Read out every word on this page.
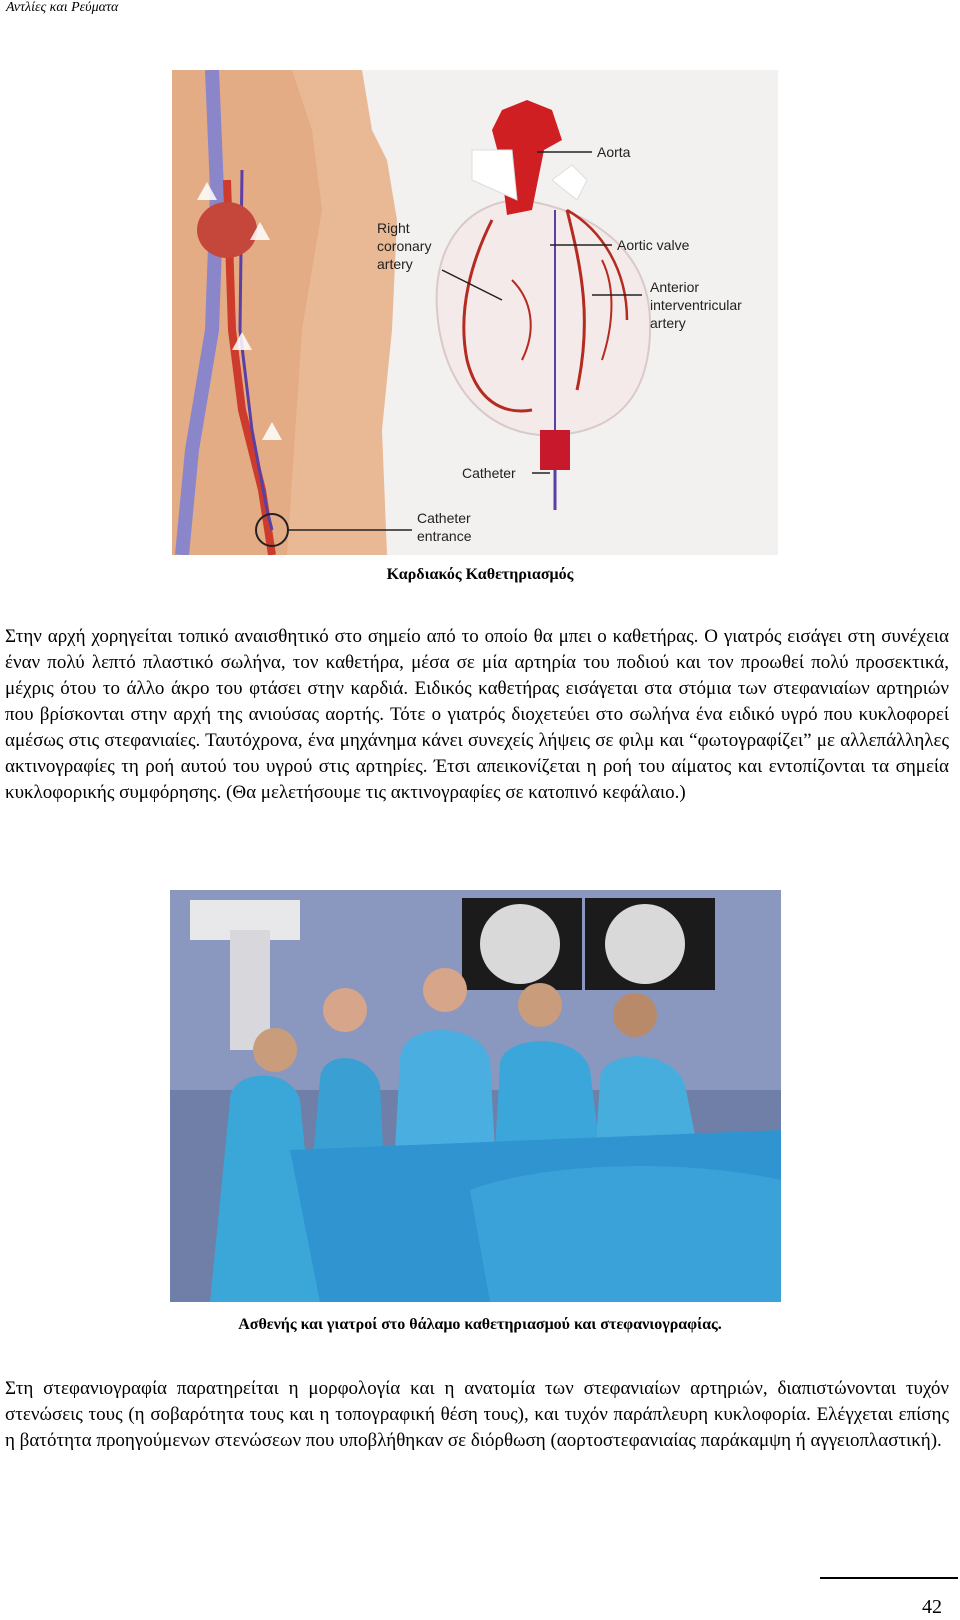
Αντλίες και Ρεύματα
Aorta
Aortic valve
Right
coronary
artery
Anterior
interventricular
artery
Catheter
Catheter
entrance
Καρδιακός Καθετηριασμός
Στην αρχή χορηγείται τοπικό αναισθητικό στο σημείο από το οποίο θα μπει ο καθετήρας. Ο γιατρός εισάγει στη συνέχεια έναν πολύ λεπτό πλαστικό σωλήνα, τον καθετήρα, μέσα σε μία αρτηρία του ποδιού και τον προωθεί πολύ προσεκτικά, μέχρις ότου το άλλο άκρο του φτάσει στην καρδιά. Ειδικός καθετήρας εισάγεται στα στόμια των στεφανιαίων αρτηριών που βρίσκονται στην αρχή της ανιούσας αορτής. Τότε ο γιατρός διοχετεύει στο σωλήνα ένα ειδικό υγρό που κυκλοφορεί αμέσως στις στεφανιαίες. Ταυτόχρονα, ένα μηχάνημα κάνει συνεχείς λήψεις σε φιλμ και “φωτογραφίζει” με αλλεπάλληλες ακτινογραφίες τη ροή αυτού του υγρού στις αρτηρίες. Έτσι απεικονίζεται η ροή του αίματος και εντοπίζονται τα σημεία κυκλοφορικής συμφόρησης. (Θα μελετήσουμε τις ακτινογραφίες σε κατοπινό κεφάλαιο.)
Ασθενής και γιατροί στο θάλαμο καθετηριασμού και στεφανιογραφίας.
Στη στεφανιογραφία παρατηρείται η μορφολογία και η ανατομία των στεφανιαίων αρτηριών, διαπιστώνονται τυχόν στενώσεις τους (η σοβαρότητα τους και η τοπογραφική θέση τους), και τυχόν παράπλευρη κυκλοφορία. Ελέγχεται επίσης η βατότητα προηγούμενων στενώσεων που υποβλήθηκαν σε διόρθωση (αορτοστεφανιαίας παράκαμψη ή αγγειοπλαστική).
42
